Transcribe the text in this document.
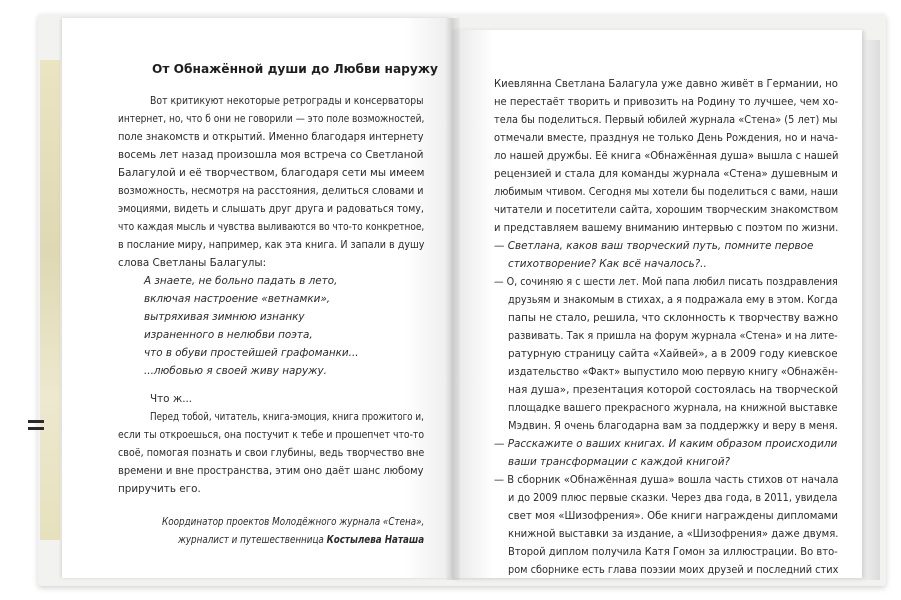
От Обнажённой души до Любви наружу
Вот критикуют некоторые ретрограды и консерваторы
интернет, но, что б они не говорили — это поле возможностей,
поле знакомств и открытий. Именно благодаря интернету
восемь лет назад произошла моя встреча со Светланой
Балагулой и её творчеством, благодаря сети мы имеем
возможность, несмотря на расстояния, делиться словами и
эмоциями, видеть и слышать друг друга и радоваться тому,
что каждая мысль и чувства выливаются во что-то конкретное,
в послание миру, например, как эта книга. И запали в душу
слова Светланы Балагулы:
А знаете, не больно падать в лето,
включая настроение «ветнамки»,
вытряхивая зимнюю изнанку
израненного в нелюбви поэта,
что в обуви простейшей графоманки...
...любовью я своей живу наружу.
Что ж...
Перед тобой, читатель, книга-эмоция, книга прожитого и,
если ты откроешься, она постучит к тебе и прошепчет что-то
своё, помогая познать и свои глубины, ведь творчество вне
времени и вне пространства, этим оно даёт шанс любому
приручить его.
Координатор проектов Молодёжного журнала «Стена»,
журналист и путешественница Костылева Наташа
Киевлянна Светлана Балагула уже давно живёт в Германии, но
не перестаёт творить и привозить на Родину то лучшее, чем хо-
тела бы поделиться. Первый юбилей журнала «Стена» (5 лет) мы
отмечали вместе, празднуя не только День Рождения, но и нача-
ло нашей дружбы. Её книга «Обнажённая душа» вышла с нашей
рецензией и стала для команды журнала «Стена» душевным и
любимым чтивом. Сегодня мы хотели бы поделиться с вами, наши
читатели и посетители сайта, хорошим творческим знакомством
и представляем вашему вниманию интервью с поэтом по жизни.
— Светлана, каков ваш творческий путь, помните первое
стихотворение? Как всё началось?..
— О, сочиняю я с шести лет. Мой папа любил писать поздравления
друзьям и знакомым в стихах, а я подражала ему в этом. Когда
папы не стало, решила, что склонность к творчеству важно
развивать. Так я пришла на форум журнала «Стена» и на лите-
ратурную страницу сайта «Хайвей», а в 2009 году киевское
издательство «Факт» выпустило мою первую книгу «Обнажён-
ная душа», презентация которой состоялась на творческой
площадке вашего прекрасного журнала, на книжной выставке
Мэдвин. Я очень благодарна вам за поддержку и веру в меня.
— Расскажите о ваших книгах. И каким образом происходили
ваши трансформации с каждой книгой?
— В сборник «Обнажённая душа» вошла часть стихов от начала
и до 2009 плюс первые сказки. Через два года, в 2011, увидела
свет моя «Шизофрения». Обе книги награждены дипломами
книжной выставки за издание, а «Шизофрения» даже двумя.
Второй диплом получила Катя Гомон за иллюстрации. Во вто-
ром сборнике есть глава поэзии моих друзей и последний стих
